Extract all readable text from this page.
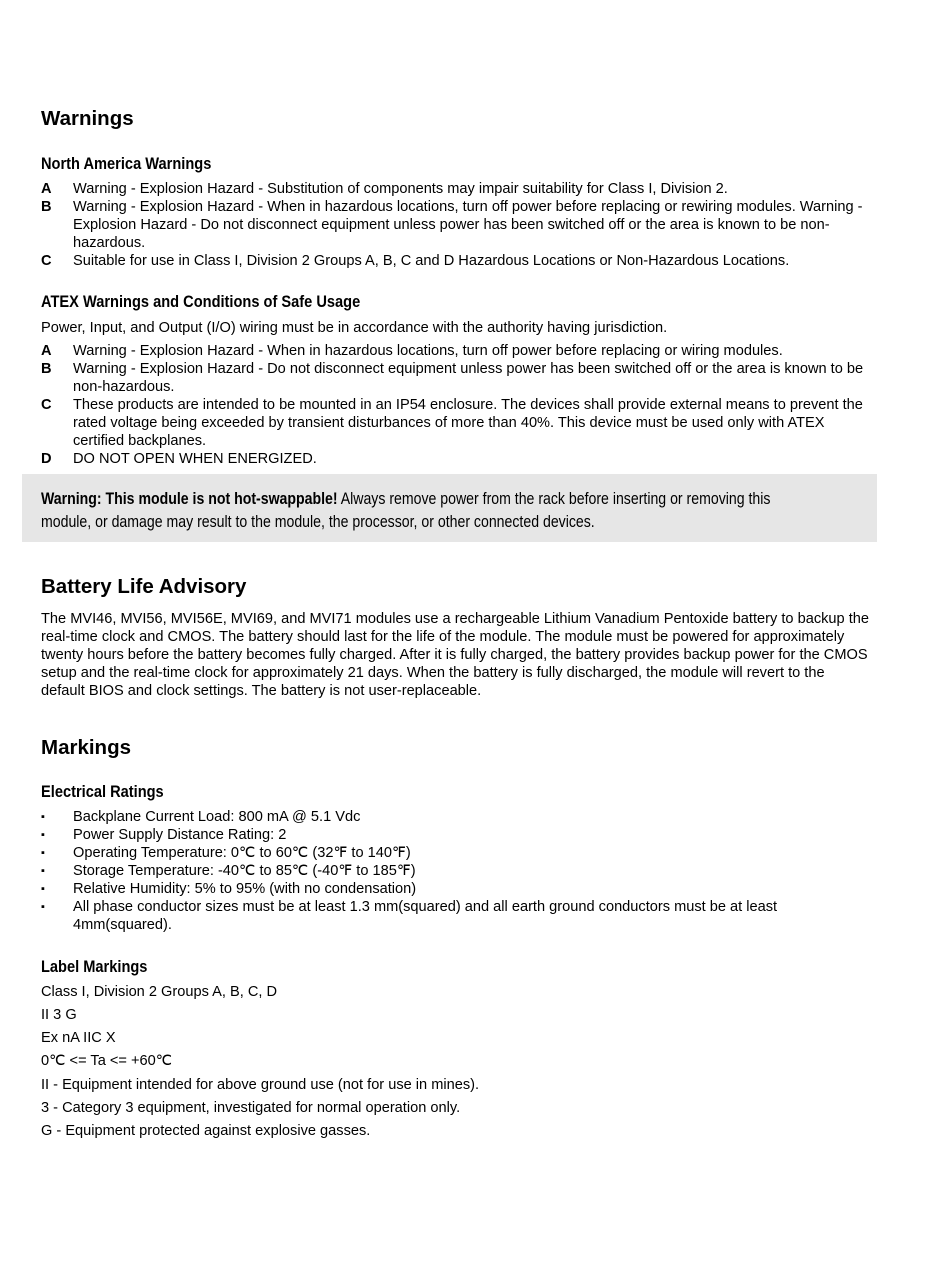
Warnings
North America Warnings
A Warning - Explosion Hazard - Substitution of components may impair suitability for Class I, Division 2.
B Warning - Explosion Hazard - When in hazardous locations, turn off power before replacing or rewiring modules. Warning - Explosion Hazard - Do not disconnect equipment unless power has been switched off or the area is known to be non-hazardous.
C Suitable for use in Class I, Division 2 Groups A, B, C and D Hazardous Locations or Non-Hazardous Locations.
ATEX Warnings and Conditions of Safe Usage

Power, Input, and Output (I/O) wiring must be in accordance with the authority having jurisdiction.

A Warning - Explosion Hazard - When in hazardous locations, turn off power before replacing or wiring modules.
B Warning - Explosion Hazard - Do not disconnect equipment unless power has been switched off or the area is known to be non-hazardous.
C These products are intended to be mounted in an IP54 enclosure. The devices shall provide external means to prevent the rated voltage being exceeded by transient disturbances of more than 40%. This device must be used only with ATEX certified backplanes.
D DO NOT OPEN WHEN ENERGIZED.

Warning: This module is not hot-swappable! Always remove power from the rack before inserting or removing this
module, or damage may result to the module, the processor, or other connected devices.

Battery Life Advisory

The MVI46, MVI56, MVI56E, MVI69, and MVI71 modules use a rechargeable Lithium Vanadium Pentoxide battery to backup the real-time clock and CMOS. The battery should last for the life of the module. The module must be powered for approximately twenty hours before the battery becomes fully charged. After it is fully charged, the battery provides backup power for the CMOS setup and the real-time clock for approximately 21 days. When the battery is fully discharged, the module will revert to the default BIOS and clock settings. The battery is not user-replaceable.

Markings
Electrical Ratings
▪ Backplane Current Load: 800 mA @ 5.1 Vdc
▪ Power Supply Distance Rating: 2
▪ Operating Temperature: 0℃ to 60℃ (32℉ to 140℉)
▪ Storage Temperature: -40℃ to 85℃ (-40℉ to 185℉)
▪ Relative Humidity: 5% to 95% (with no condensation)
▪ All phase conductor sizes must be at least 1.3 mm(squared) and all earth ground conductors must be at least 4mm(squared).
Label Markings

Class I, Division 2 Groups A, B, C, D

II 3 G

Ex nA IIC X

0℃ <= Ta <= +60℃

II - Equipment intended for above ground use (not for use in mines).

3 - Category 3 equipment, investigated for normal operation only.

G - Equipment protected against explosive gasses.
